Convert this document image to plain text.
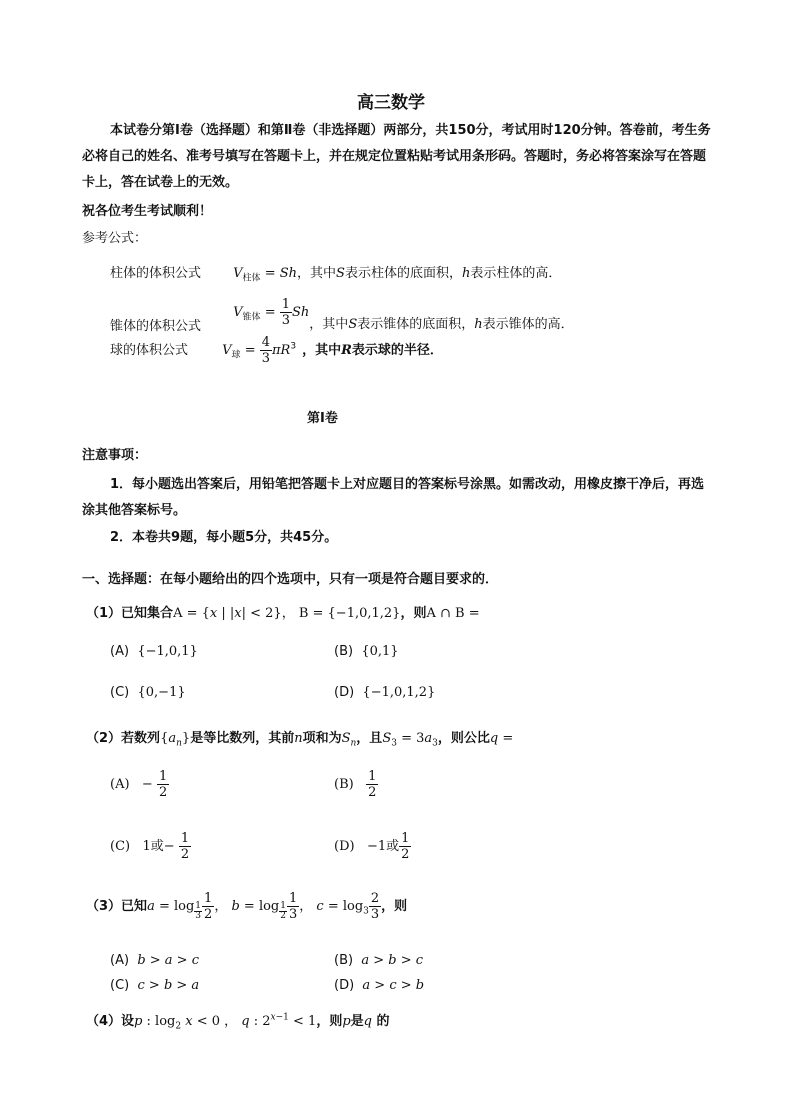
高三数学
本试卷分第Ⅰ卷（选择题）和第Ⅱ卷（非选择题）两部分，共150分，考试用时120分钟。答卷前，考生务必将自己的姓名、准考号填写在答题卡上，并在规定位置粘贴考试用条形码。答题时，务必将答案涂写在答题卡上，答在试卷上的无效。
祝各位考生考试顺利！
参考公式：
柱体的体积公式 $V_{柱体} = Sh$，其中S表示柱体的底面积，h表示柱体的高．
锥体的体积公式 $V_{锥体} = \frac{1}{3}$ Sh，其中S表示锥体的底面积，h表示锥体的高．
球的体积公式	$V_球 = \frac{4}{3} \pi R^3$ ，其中R表示球的半径．
第Ⅰ卷
注意事项：
1．每小题选出答案后，用铅笔把答题卡上对应题目的答案标号涂黑。如需改动，用橡皮擦干净后，再选涂其他答案标号。
2．本卷共9题，每小题5分，共45分。
一、选择题：在每小题给出的四个选项中，只有一项是符合题目要求的．
（1）已知集合A = {x | |x| < 2}， B = {−1,0,1,2}，则A ∩ B =
(A) {−1,0,1}	(B) {0,1}
(C) {0,−1}	(D) {−1,0,1,2}
（2）若数列$\{a_n\}$是等比数列，其前n项和为$S_n$，且$S_3 = 3a_3$，则公比q =
$(A) - \frac{1}{2}$	$(B) \frac{1}{2}$
(C)   1或− $\frac{1}{2}$	(D)   −1或 $\frac{1}{2}$
（3）已知$a = \log _{\frac{1}{3}} \frac{1}{2}$ ， $b = \log _{\frac{1}{2}} \frac{1}{3}$ ， $c = \log_3 \frac{2}{3}$ ，则
(A) b > a > c	(B) a > b > c
(C) c > b > a	(D) a > c > b
（4）设p : $\log_2 x < 0$ ， q : $2^{x-1} < 1$，则p是q 的
